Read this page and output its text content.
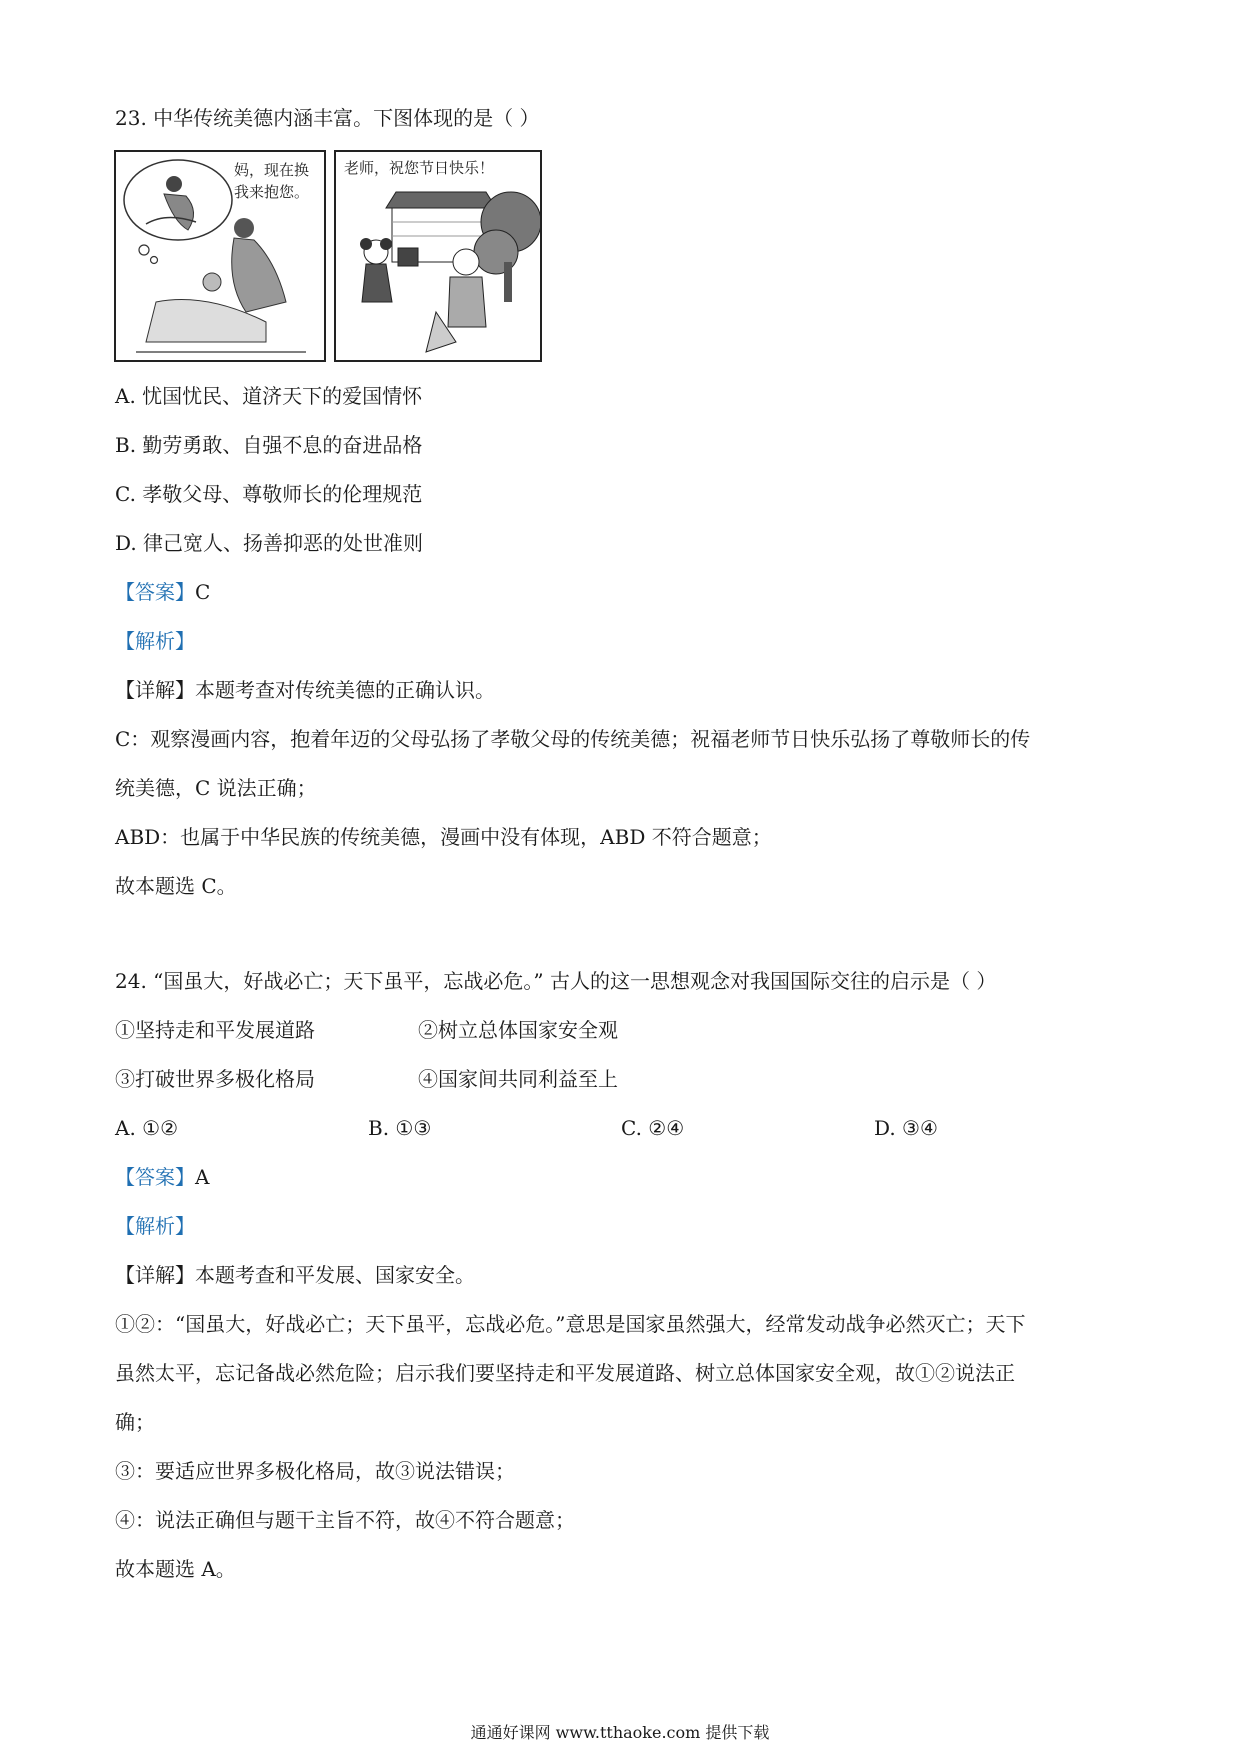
23. 中华传统美德内涵丰富。下图体现的是（ ）
妈，现在换
我来抱您。
老师，祝您节日快乐！
A. 忧国忧民、道济天下的爱国情怀
B. 勤劳勇敢、自强不息的奋进品格
C. 孝敬父母、尊敬师长的伦理规范
D. 律己宽人、扬善抑恶的处世准则
【答案】C
【解析】
【详解】本题考查对传统美德的正确认识。
C：观察漫画内容，抱着年迈的父母弘扬了孝敬父母的传统美德；祝福老师节日快乐弘扬了尊敬师长的传
统美德，C 说法正确；
ABD：也属于中华民族的传统美德，漫画中没有体现，ABD 不符合题意；
故本题选 C。
24. “国虽大，好战必亡；天下虽平，忘战必危。” 古人的这一思想观念对我国国际交往的启示是（ ）
①坚持走和平发展道路	②树立总体国家安全观
③打破世界多极化格局	④国家间共同利益至上
A. ①②	B. ①③	C. ②④	D. ③④
【答案】A
【解析】
【详解】本题考查和平发展、国家安全。
①②：“国虽大，好战必亡；天下虽平，忘战必危。”意思是国家虽然强大，经常发动战争必然灭亡；天下
虽然太平，忘记备战必然危险；启示我们要坚持走和平发展道路、树立总体国家安全观，故①②说法正
确；
③：要适应世界多极化格局，故③说法错误；
④：说法正确但与题干主旨不符，故④不符合题意；
故本题选 A。
通通好课网 www.tthaoke.com 提供下载
